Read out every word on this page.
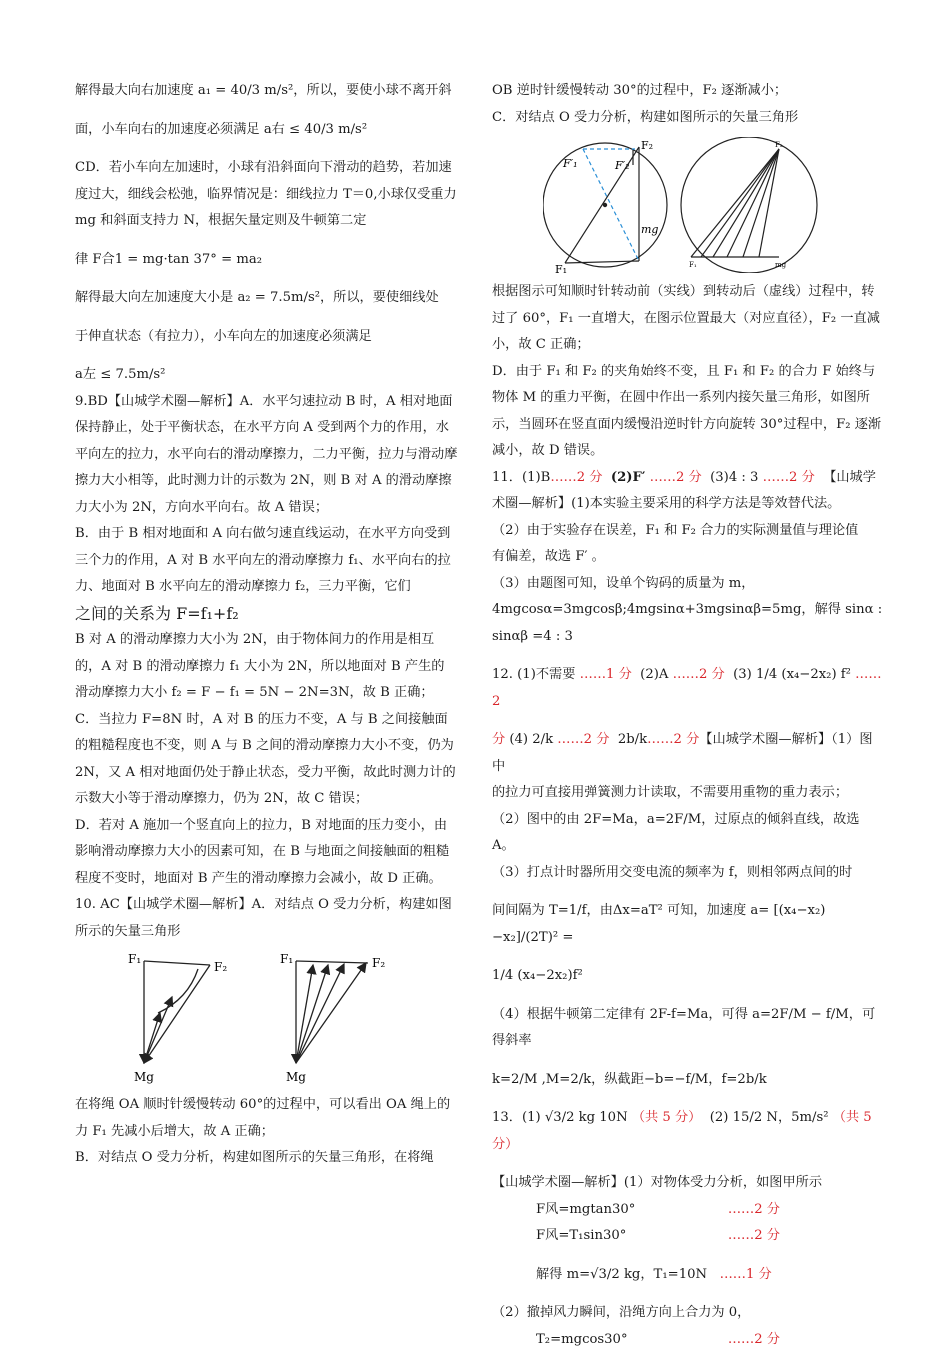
解得最大向右加速度 a₁ = 40/3 m/s²，所以，要使小球不离开斜

面，小车向右的加速度必须满足 a右 ≤ 40/3 m/s²

CD．若小车向左加速时，小球有沿斜面向下滑动的趋势，若加速度过大，细线会松弛，临界情况是：细线拉力 T＝0,小球仅受重力 mg 和斜面支持力 N，根据矢量定则及牛顿第二定

律 F合1 = mg·tan 37° = ma₂

解得最大向左加速度大小是 a₂ = 7.5m/s²，所以，要使细线处

于伸直状态（有拉力），小车向左的加速度必须满足

a左 ≤ 7.5m/s²

9.BD【山城学术圈—解析】A．水平匀速拉动 B 时，A 相对地面保持静止，处于平衡状态，在水平方向 A 受到两个力的作用，水平向左的拉力，水平向右的滑动摩擦力，二力平衡，拉力与滑动摩擦力大小相等，此时测力计的示数为 2N，则 B 对 A 的滑动摩擦力大小为 2N，方向水平向右。故 A 错误；

B．由于 B 相对地面和 A 向右做匀速直线运动，在水平方向受到三个力的作用，A 对 B 水平向左的滑动摩擦力 f₁、水平向右的拉力、地面对 B 水平向左的滑动摩擦力 f₂，三力平衡，它们

之间的关系为 F=f₁+f₂

B 对 A 的滑动摩擦力大小为 2N，由于物体间力的作用是相互的，A 对 B 的滑动摩擦力 f₁ 大小为 2N，所以地面对 B 产生的

滑动摩擦力大小 f₂ = F − f₁ = 5N − 2N=3N，故 B 正确；

C．当拉力 F=8N 时，A 对 B 的压力不变，A 与 B 之间接触面的粗糙程度也不变，则 A 与 B 之间的滑动摩擦力大小不变，仍为 2N，又 A 相对地面仍处于静止状态，受力平衡，故此时测力计的示数大小等于滑动摩擦力，仍为 2N，故 C 错误；

D．若对 A 施加一个竖直向上的拉力，B 对地面的压力变小，由影响滑动摩擦力大小的因素可知，在 B 与地面之间接触面的粗糙程度不变时，地面对 B 产生的滑动摩擦力会减小，故 D 正确。

10. AC【山城学术圈—解析】A．对结点 O 受力分析，构建如图所示的矢量三角形

F₁
F₂
Mg
F₁	F₂
Mg

在将绳 OA 顺时针缓慢转动 60°的过程中，可以看出 OA 绳上的力 F₁ 先减小后增大，故 A 正确；

B．对结点 O 受力分析，构建如图所示的矢量三角形，在将绳

OB 逆时针缓慢转动 30°的过程中，F₂ 逐渐减小；

C．对结点 O 受力分析，构建如图所示的矢量三角形

F₂
F′₂
F′₁
mg
F₁
F₂
F₁	mg

根据图示可知顺时针转动前（实线）到转动后（虚线）过程中，转过了 60°，F₁ 一直增大，在图示位置最大（对应直径），F₂ 一直减小，故 C 正确；

D．由于 F₁ 和 F₂ 的夹角始终不变，且 F₁ 和 F₂ 的合力 F 始终与物体 M 的重力平衡，在圆中作出一系列内接矢量三角形，如图所示，当圆环在竖直面内缓慢沿逆时针方向旋转 30°过程中，F₂ 逐渐减小，故 D 错误。

11．(1)B……2 分 (2)F′ ……2 分 (3)4 : 3 ……2 分 【山城学术圈—解析】(1)本实验主要采用的科学方法是等效替代法。

（2）由于实验存在误差，F₁ 和 F₂ 合力的实际测量值与理论值

有偏差，故选 F′ 。

（3）由题图可知，设单个钩码的质量为 m，4mgcosα=3mgcosβ;4mgsinα+3mgsinαβ=5mg，解得 sinα : sinαβ =4 : 3

12. (1)不需要 ……1 分 (2)A ……2 分 (3) 1/4 (x₄−2x₂) f² ……2

分 (4) 2/k ……2 分 2b/k……2 分【山城学术圈—解析】（1）图中

的拉力可直接用弹簧测力计读取，不需要用重物的重力表示；

（2）图中的由 2F=Ma，a=2F/M，过原点的倾斜直线，故选 A。

（3）打点计时器所用交变电流的频率为 f，则相邻两点间的时

间间隔为 T=1/f，由Δx=aT² 可知，加速度 a= [(x₄−x₂)−x₂]/(2T)² =

1/4 (x₄−2x₂)f²

（4）根据牛顿第二定律有 2F-f=Ma，可得 a=2F/M − f/M，可得斜率

k=2/M ,M=2/k，纵截距−b=−f/M，f=2b/k

13．(1) √3/2 kg 10N （共 5 分） (2) 15/2 N，5m/s² （共 5 分）

【山城学术圈—解析】(1）对物体受力分析，如图甲所示

F风=mgtan30°	……2 分
F风=T₁sin30°	……2 分

解得 m=√3/2 kg，T₁=10N ……1 分

（2）撤掉风力瞬间，沿绳方向上合力为 0，

T₂=mgcos30°	……2 分
